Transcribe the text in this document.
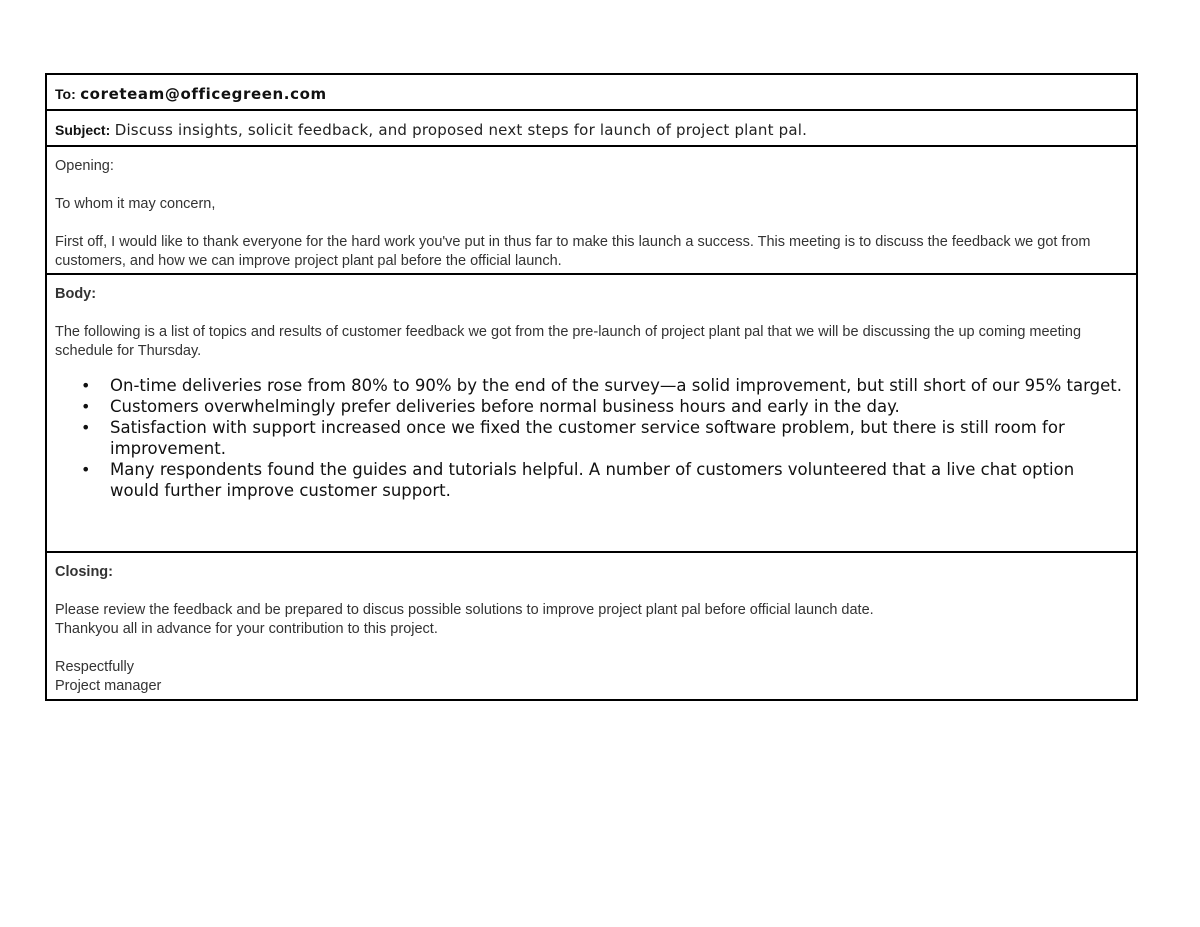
To: coreteam@officegreen.com

Subject: Discuss insights, solicit feedback, and proposed next steps for launch of project plant pal.

Opening:

To whom it may concern,

First off, I would like to thank everyone for the hard work you've put in thus far to make this launch a success. This meeting is to discuss the feedback we got from customers, and how we can improve project plant pal before the official launch.

Body:

The following is a list of topics and results of customer feedback we got from the pre-launch of project plant pal that we will be discussing the up coming meeting schedule for Thursday.

• On-time deliveries rose from 80% to 90% by the end of the survey—a solid improvement, but still short of our 95% target.
• Customers overwhelmingly prefer deliveries before normal business hours and early in the day.
• Satisfaction with support increased once we fixed the customer service software problem, but there is still room for improvement.
• Many respondents found the guides and tutorials helpful. A number of customers volunteered that a live chat option would further improve customer support.

Closing:

Please review the feedback and be prepared to discus possible solutions to improve project plant pal before official launch date.

Thankyou all in advance for your contribution to this project.

Respectfully

Project manager
